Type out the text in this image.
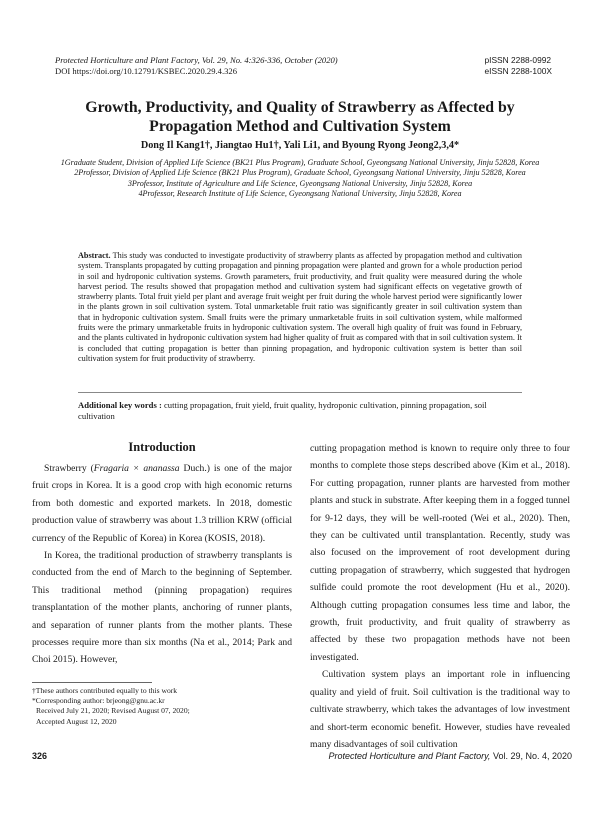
Protected Horticulture and Plant Factory, Vol. 29, No. 4:326-336, October (2020)
DOI https://doi.org/10.12791/KSBEC.2020.29.4.326
pISSN 2288-0992
eISSN 2288-100X
Growth, Productivity, and Quality of Strawberry as Affected by
Propagation Method and Cultivation System
Dong Il Kang1†, Jiangtao Hu1†, Yali Li1, and Byoung Ryong Jeong2,3,4*

1Graduate Student, Division of Applied Life Science (BK21 Plus Program), Graduate School, Gyeongsang National University, Jinju 52828, Korea

2Professor, Division of Applied Life Science (BK21 Plus Program), Graduate School, Gyeongsang National University, Jinju 52828, Korea

3Professor, Institute of Agriculture and Life Science, Gyeongsang National University, Jinju 52828, Korea

4Professor, Research Institute of Life Science, Gyeongsang National University, Jinju 52828, Korea

Abstract. This study was conducted to investigate productivity of strawberry plants as affected by propagation method and cultivation system. Transplants propagated by cutting propagation and pinning propagation were planted and grown for a whole production period in soil and hydroponic cultivation systems. Growth parameters, fruit productivity, and fruit quality were measured during the whole harvest period. The results showed that propagation method and cultivation system had significant effects on vegetative growth of strawberry plants. Total fruit yield per plant and average fruit weight per fruit during the whole harvest period were significantly lower in the plants grown in soil cultivation system. Total unmarketable fruit ratio was significantly greater in soil cultivation system than that in hydroponic cultivation system. Small fruits were the primary unmarketable fruits in soil cultivation system, while malformed fruits were the primary unmarketable fruits in hydroponic cultivation system. The overall high quality of fruit was found in February, and the plants cultivated in hydroponic cultivation system had higher quality of fruit as compared with that in soil cultivation system. It is concluded that cutting propagation is better than pinning propagation, and hydroponic cultivation system is better than soil cultivation system for fruit productivity of strawberry.
Additional key words : cutting propagation, fruit yield, fruit quality, hydroponic cultivation, pinning propagation, soil cultivation
Introduction

Strawberry (Fragaria × ananassa Duch.) is one of the major fruit crops in Korea. It is a good crop with high economic returns from both domestic and exported markets. In 2018, domestic production value of strawberry was about 1.3 trillion KRW (official currency of the Republic of Korea) in Korea (KOSIS, 2018).

In Korea, the traditional production of strawberry transplants is conducted from the end of March to the beginning of September. This traditional method (pinning propagation) requires transplantation of the mother plants, anchoring of runner plants, and separation of runner plants from the mother plants. These processes require more than six months (Na et al., 2014; Park and Choi 2015). However,

cutting propagation method is known to require only three to four months to complete those steps described above (Kim et al., 2018). For cutting propagation, runner plants are harvested from mother plants and stuck in substrate. After keeping them in a fogged tunnel for 9-12 days, they will be well-rooted (Wei et al., 2020). Then, they can be cultivated until transplantation. Recently, study was also focused on the improvement of root development during cutting propagation of strawberry, which suggested that hydrogen sulfide could promote the root development (Hu et al., 2020). Although cutting propagation consumes less time and labor, the growth, fruit productivity, and fruit quality of strawberry as affected by these two propagation methods have not been investigated.

Cultivation system plays an important role in influencing quality and yield of fruit. Soil cultivation is the traditional way to cultivate strawberry, which takes the advantages of low investment and short-term economic benefit. However, studies have revealed many disadvantages of soil cultivation

†These authors contributed equally to this work

*Corresponding author: brjeong@gnu.ac.kr

Received July 21, 2020; Revised August 07, 2020;

Accepted August 12, 2020

326	Protected Horticulture and Plant Factory, Vol. 29, No. 4, 2020
